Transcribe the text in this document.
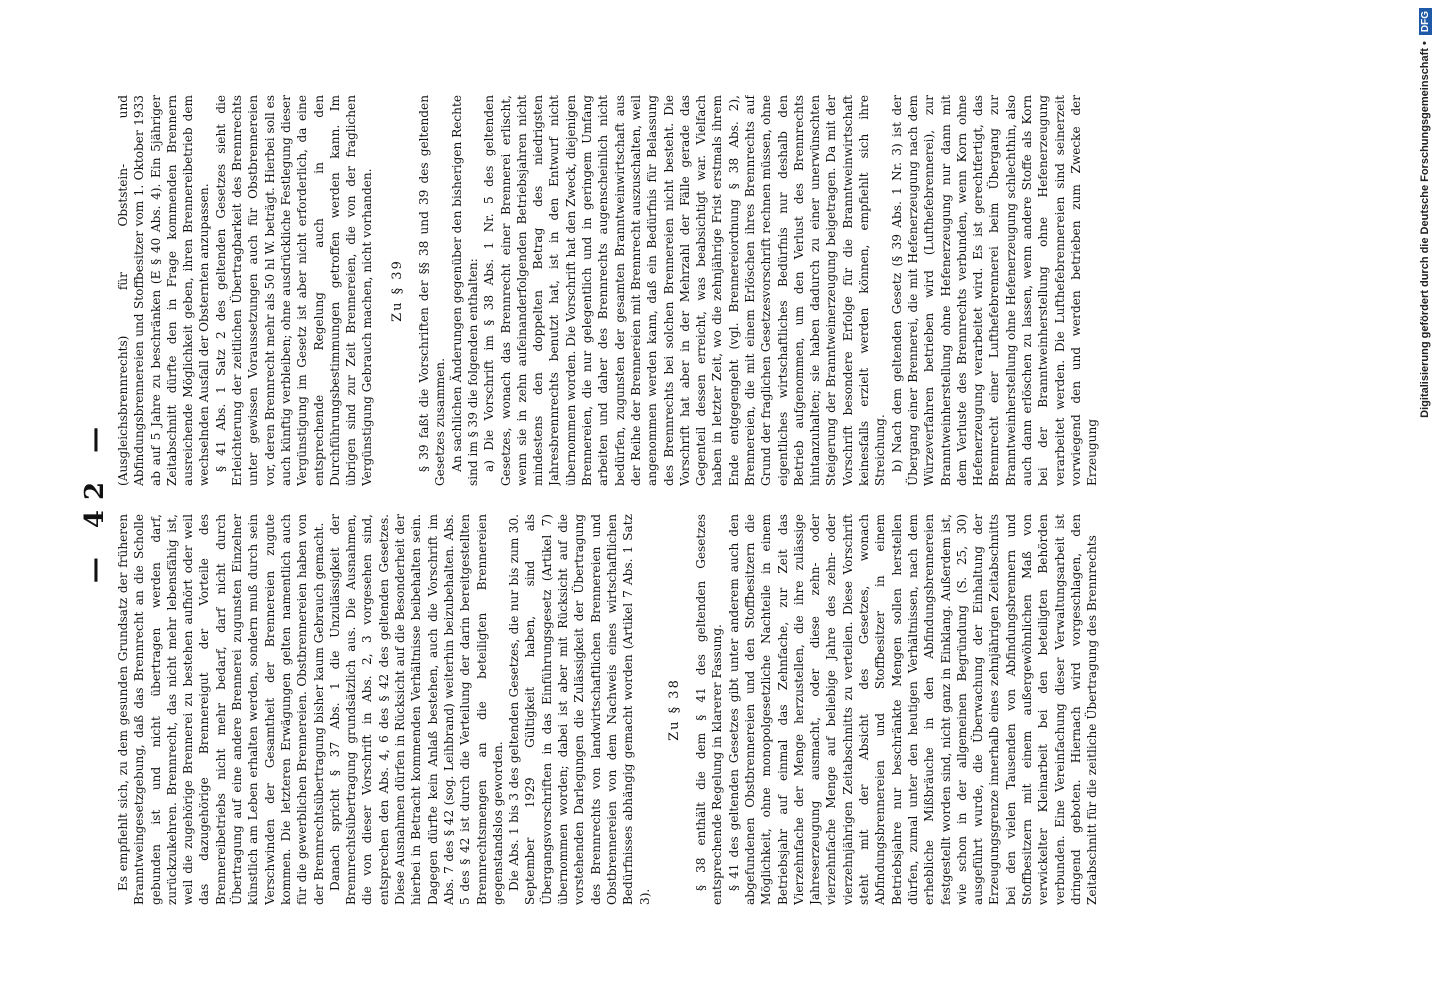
— 42 —

Es empfiehlt sich, zu dem gesunden Grundsatz der früheren Branntweingesetzgebung, daß das Brennrecht an die Scholle gebunden ist und nicht übertragen werden darf, zurückzukehren. Brennrecht, das nicht mehr lebensfähig ist, weil die zugehörige Brennerei zu bestehen aufhört oder weil das dazugehörige Brennereigut der Vorteile des Brennereibetriebs nicht mehr bedarf, darf nicht durch Übertragung auf eine andere Brennerei zugunsten Einzelner künstlich am Leben erhalten werden, sondern muß durch sein Verschwinden der Gesamtheit der Brennereien zugute kommen. Die letzteren Erwägungen gelten namentlich auch für die gewerblichen Brennereien. Obstbrennereien haben von der Brennrechtsübertragung bisher kaum Gebrauch gemacht. Danach spricht § 37 Abs. 1 die Unzulässigkeit der Brennrechtsübertragung grundsätzlich aus. Die Ausnahmen, die von dieser Vorschrift in Abs. 2, 3 vorgesehen sind, entsprechen den Abs. 4, 6 des § 42 des geltenden Gesetzes. Diese Ausnahmen dürfen in Rücksicht auf die Besonderheit der hierbei in Betracht kommenden Verhältnisse beibehalten sein. Dagegen dürfte kein Anlaß bestehen, auch die Vorschrift im Abs. 7 des § 42 (sog. Leihbrand) weiterhin beizubehalten. Abs. 5 des § 42 ist durch die Verteilung der darin bereitgestellten Brennrechtsmengen an die beteiligten Brennereien gegenstandslos geworden. Die Abs. 1 bis 3 des geltenden Gesetzes, die nur bis zum 30. September 1929 Gültigkeit haben, sind als Übergangsvorschriften in das Einführungsgesetz (Artikel 7) übernommen worden; dabei ist aber mit Rücksicht auf die vorstehenden Darlegungen die Zulässigkeit der Übertragung des Brennrechts von landwirtschaftlichen Brennereien und Obstbrennereien von dem Nachweis eines wirtschaftlichen Bedürfnisses abhängig gemacht worden (Artikel 7 Abs. 1 Satz 3).

Zu § 38 § 38 enthält die dem § 41 des geltenden Gesetzes entsprechende Regelung in klarerer Fassung. § 41 des geltenden Gesetzes gibt unter anderem auch den abgefundenen Obstbrennereien und den Stoffbesitzern die Möglichkeit, ohne monopolgesetzliche Nachteile in einem Betriebsjahr auf einmal das Zehnfache, zur Zeit das Vierzehnfache der Menge herzustellen, die ihre zulässige Jahreserzeugung ausmacht, oder diese zehn- oder vierzehnfache Menge auf beliebige Jahre des zehn- oder vierzehnjährigen Zeitabschnitts zu verteilen. Diese Vorschrift steht mit der Absicht des Gesetzes, wonach Abfindungsbrennereien und Stoffbesitzer in einem Betriebsjahre nur beschränkte Mengen sollen herstellen dürfen, zumal unter den heutigen Verhältnissen, nach dem erhebliche Mißbräuche in den Abfindungsbrennereien festgestellt worden sind, nicht ganz in Einklang. Außerdem ist, wie schon in der allgemeinen Begründung (S. 25, 30) ausgeführt wurde, die Überwachung der Einhaltung der Erzeugungsgrenze innerhalb eines zehnjährigen Zeitabschnitts bei den vielen Tausenden von Abfindungsbrennern und Stoffbesitzern mit einem außergewöhnlichen Maß von verwickelter Kleinarbeit bei den beteiligten Behörden verbunden. Eine Vereinfachung dieser Verwaltungsarbeit ist dringend geboten. Hiernach wird vorgeschlagen, den Zeitabschnitt für die zeitliche Übertragung des Brennrechts

(Ausgleichsbrennrechts) für Obststein- und Abfindungsbrennereien und Stoffbesitzer vom 1. Oktober 1933 ab auf 5 Jahre zu beschränken (E § 40 Abs. 4). Ein 5jähriger Zeitabschnitt dürfte den in Frage kommenden Brennern ausreichende Möglichkeit geben, ihren Brennereibetrieb dem wechselnden Ausfall der Obsternten anzupassen. § 41 Abs. 1 Satz 2 des geltenden Gesetzes sieht die Erleichterung der zeitlichen Übertragbarkeit des Brennrechts unter gewissen Voraussetzungen auch für Obstbrennereien vor, deren Brennrecht mehr als 50 hl W. beträgt. Hierbei soll es auch künftig verbleiben; ohne ausdrückliche Festlegung dieser Vergünstigung im Gesetz ist aber nicht erforderlich, da eine entsprechende Regelung auch in den Durchführungsbestimmungen getroffen werden kann. Im übrigen sind zur Zeit Brennereien, die von der fraglichen Vergünstigung Gebrauch machen, nicht vorhanden. Zu § 39 § 39 faßt die Vorschriften der §§ 38 und 39 des geltenden Gesetzes zusammen. An sachlichen Änderungen gegenüber den bisherigen Rechte sind im § 39 die folgenden enthalten: a) Die Vorschrift im § 38 Abs. 1 Nr. 5 des geltenden Gesetzes, wonach das Brennrecht einer Brennerei erlischt, wenn sie in zehn aufeinanderfolgenden Betriebsjahren nicht mindestens den doppelten Betrag des niedrigsten Jahresbrennrechts benutzt hat, ist in den Entwurf nicht übernommen worden. Die Vorschrift hat den Zweck, diejenigen Brennereien, die nur gelegentlich und in geringem Umfang arbeiten und daher des Brennrechts augenscheinlich nicht bedürfen, zugunsten der gesamten Branntweinwirtschaft aus der Reihe der Brennereien mit Brennrecht auszuschalten, weil angenommen werden kann, daß ein Bedürfnis für Belassung des Brennrechts bei solchen Brennereien nicht besteht. Die Vorschrift hat aber in der Mehrzahl der Fälle gerade das Gegenteil dessen erreicht, was beabsichtigt war. Vielfach haben in letzter Zeit, wo die zehnjährige Frist erstmals ihrem Ende entgegengeht (vgl. Brennereiordnung § 38 Abs. 2), Brennereien, die mit einem Erlöschen ihres Brennrechts auf Grund der fraglichen Gesetzesvorschrift rechnen müssen, ohne eigentliches wirtschaftliches Bedürfnis nur deshalb den Betrieb aufgenommen, um den Verlust des Brennrechts hintanzuhalten; sie haben dadurch zu einer unerwünschten Steigerung der Branntweinerzeugung beigetragen. Da mit der Vorschrift besondere Erfolge für die Branntweinwirtschaft keinesfalls erzielt werden können, empfiehlt sich ihre Streichung. b) Nach dem geltenden Gesetz (§ 39 Abs. 1 Nr. 3) ist der Übergang einer Brennerei, die mit Hefenerzeugung nach dem Würzeverfahren betrieben wird (Lufthefebrennerei), zur Branntweinherstellung ohne Hefenerzeugung nur dann mit dem Verluste des Brennrechts verbunden, wenn Korn ohne Hefenerzeugung verarbeitet wird. Es ist gerechtfertigt, das Brennrecht einer Lufthefebrennerei beim Übergang zur Branntweinherstellung ohne Hefenerzeugung schlechthin, also auch dann erlöschen zu lassen, wenn andere Stoffe als Korn bei der Branntweinherstellung ohne Hefenerzeugung verarbeitet werden. Die Lufthefebrennereien sind seinerzeit vorwiegend den und werden betrieben zum Zwecke der Erzeugung

Digitalisierung gefördert durch die Deutsche Forschungsgemeinschaft •
DFG
